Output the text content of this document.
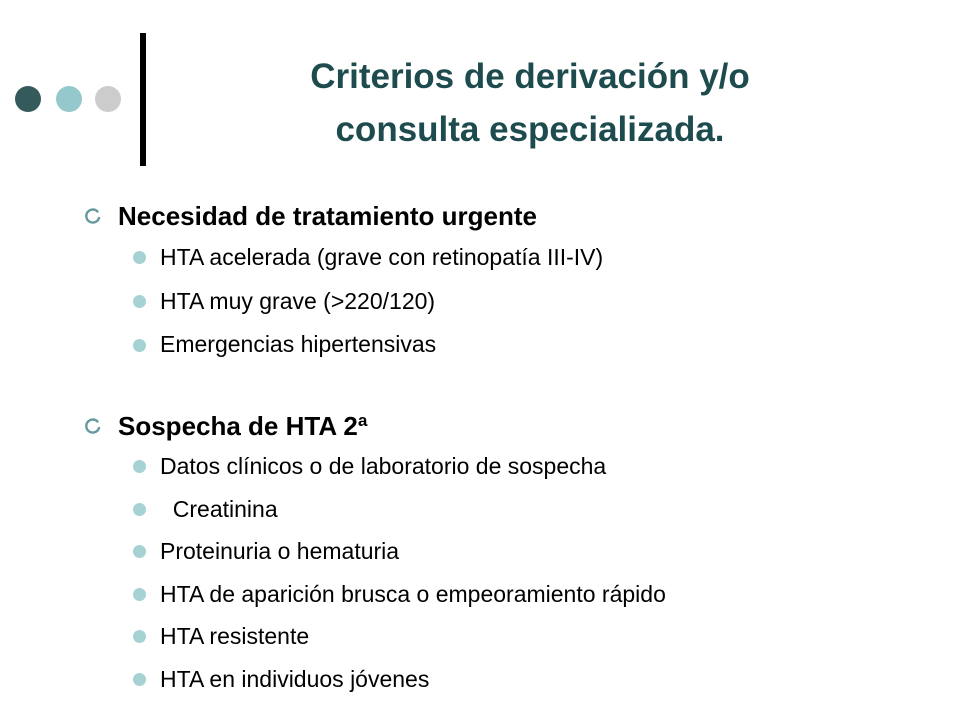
Criterios de derivación y/o
consulta especializada.
Necesidad de tratamiento urgente
HTA acelerada (grave con retinopatía III-IV)
HTA muy grave (>220/120)
Emergencias hipertensivas
Sospecha de HTA 2ª
Datos clínicos o de laboratorio de sospecha
Creatinina
Proteinuria o hematuria
HTA de aparición brusca o empeoramiento rápido
HTA resistente
HTA en individuos jóvenes
